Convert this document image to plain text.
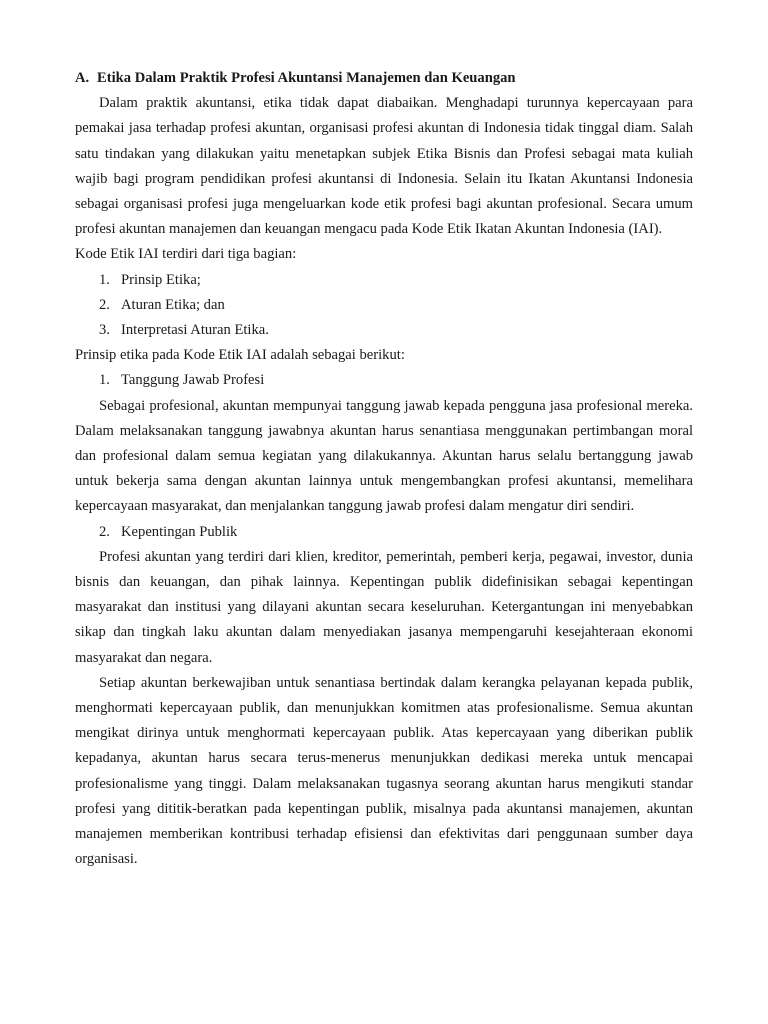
A. Etika Dalam Praktik Profesi Akuntansi Manajemen dan Keuangan

Dalam praktik akuntansi, etika tidak dapat diabaikan. Menghadapi turunnya kepercayaan para pemakai jasa terhadap profesi akuntan, organisasi profesi akuntan di Indonesia tidak tinggal diam. Salah satu tindakan yang dilakukan yaitu menetapkan subjek Etika Bisnis dan Profesi sebagai mata kuliah wajib bagi program pendidikan profesi akuntansi di Indonesia. Selain itu Ikatan Akuntansi Indonesia sebagai organisasi profesi juga mengeluarkan kode etik profesi bagi akuntan profesional. Secara umum profesi akuntan manajemen dan keuangan mengacu pada Kode Etik Ikatan Akuntan Indonesia (IAI).

Kode Etik IAI terdiri dari tiga bagian:

1. Prinsip Etika;
2. Aturan Etika; dan
3. Interpretasi Aturan Etika.

Prinsip etika pada Kode Etik IAI adalah sebagai berikut:

1. Tanggung Jawab Profesi

Sebagai profesional, akuntan mempunyai tanggung jawab kepada pengguna jasa profesional mereka. Dalam melaksanakan tanggung jawabnya akuntan harus senantiasa menggunakan pertimbangan moral dan profesional dalam semua kegiatan yang dilakukannya. Akuntan harus selalu bertanggung jawab untuk bekerja sama dengan akuntan lainnya untuk mengembangkan profesi akuntansi, memelihara kepercayaan masyarakat, dan menjalankan tanggung jawab profesi dalam mengatur diri sendiri.

2. Kepentingan Publik

Profesi akuntan yang terdiri dari klien, kreditor, pemerintah, pemberi kerja, pegawai, investor, dunia bisnis dan keuangan, dan pihak lainnya. Kepentingan publik didefinisikan sebagai kepentingan masyarakat dan institusi yang dilayani akuntan secara keseluruhan. Ketergantungan ini menyebabkan sikap dan tingkah laku akuntan dalam menyediakan jasanya mempengaruhi kesejahteraan ekonomi masyarakat dan negara.

Setiap akuntan berkewajiban untuk senantiasa bertindak dalam kerangka pelayanan kepada publik, menghormati kepercayaan publik, dan menunjukkan komitmen atas profesionalisme. Semua akuntan mengikat dirinya untuk menghormati kepercayaan publik. Atas kepercayaan yang diberikan publik kepadanya, akuntan harus secara terus-menerus menunjukkan dedikasi mereka untuk mencapai profesionalisme yang tinggi. Dalam melaksanakan tugasnya seorang akuntan harus mengikuti standar profesi yang dititik-beratkan pada kepentingan publik, misalnya pada akuntansi manajemen, akuntan manajemen memberikan kontribusi terhadap efisiensi dan efektivitas dari penggunaan sumber daya organisasi.
